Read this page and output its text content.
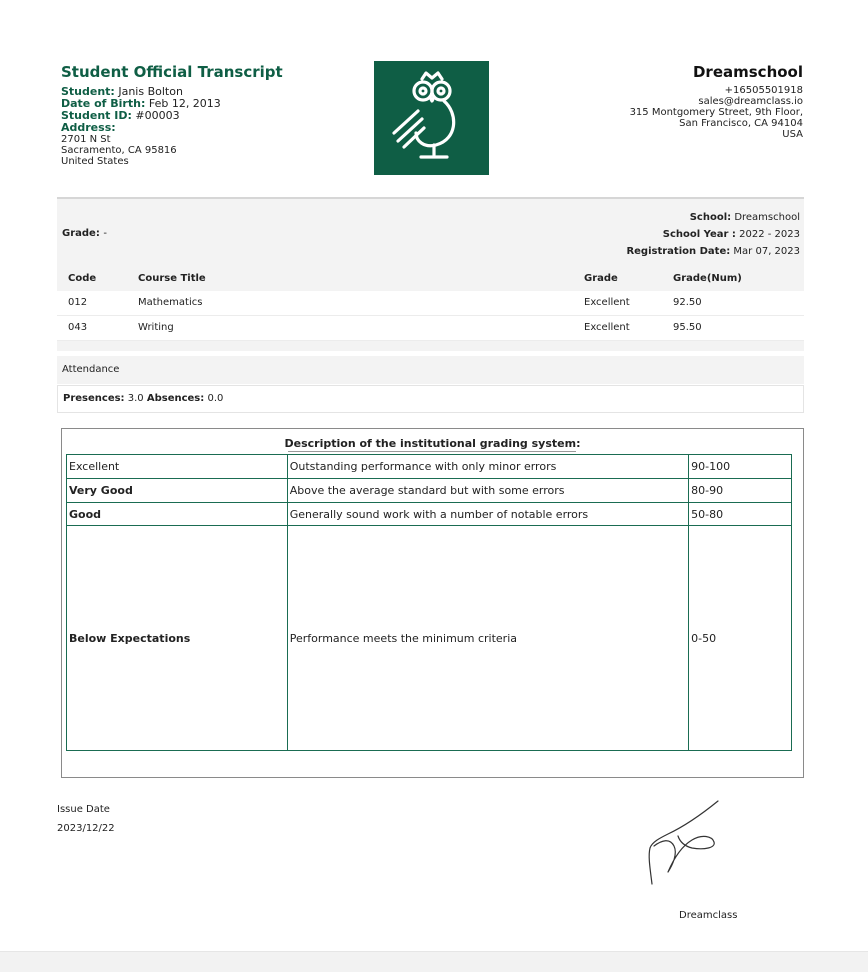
Student Official Transcript
Student: Janis Bolton
Date of Birth: Feb 12, 2013
Student ID: #00003
Address:
2701 N St
Sacramento, CA 95816
United States
Dreamschool
+16505501918
sales@dreamclass.io
315 Montgomery Street, 9th Floor,
San Francisco, CA 94104
USA
Grade: -
School: Dreamschool
School Year : 2022 - 2023
Registration Date: Mar 07, 2023
Code	Course Title	Grade	Grade(Num)
012	Mathematics	Excellent	92.50
043	Writing	Excellent	95.50
Attendance
Presences: 3.0 Absences: 0.0
Description of the institutional grading system:
Excellent	Outstanding performance with only minor errors	90-100
Very Good	Above the average standard but with some errors	80-90
Good	Generally sound work with a number of notable errors	50-80
Below Expectations	Performance meets the minimum criteria	0-50
Issue Date
2023/12/22
Dreamclass
